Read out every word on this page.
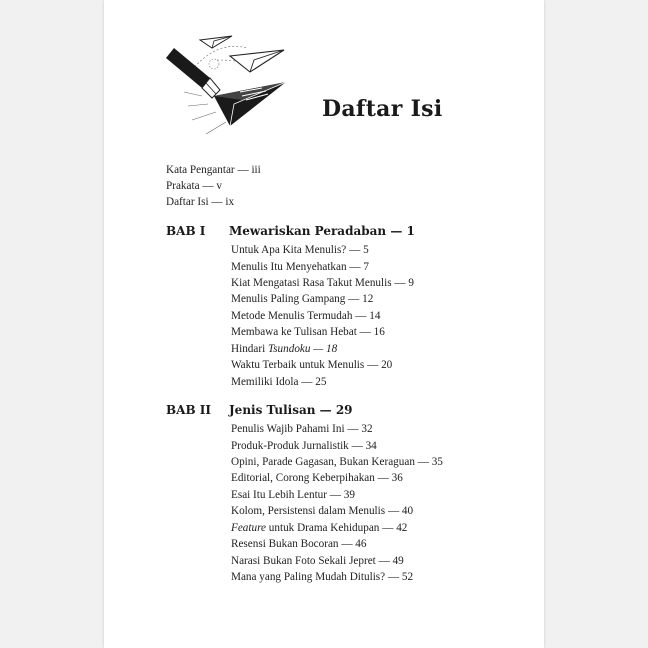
Daftar Isi
Kata Pengantar — iii
Prakata — v
Daftar Isi — ix
BAB I Mewariskan Peradaban — 1
Untuk Apa Kita Menulis? — 5
Menulis Itu Menyehatkan — 7
Kiat Mengatasi Rasa Takut Menulis — 9
Menulis Paling Gampang — 12
Metode Menulis Termudah — 14
Membawa ke Tulisan Hebat — 16
Hindari Tsundoku — 18
Waktu Terbaik untuk Menulis — 20
Memiliki Idola — 25
BAB II Jenis Tulisan — 29
Penulis Wajib Pahami Ini — 32
Produk-Produk Jurnalistik — 34
Opini, Parade Gagasan, Bukan Keraguan — 35
Editorial, Corong Keberpihakan — 36
Esai Itu Lebih Lentur — 39
Kolom, Persistensi dalam Menulis — 40
Feature untuk Drama Kehidupan — 42
Resensi Bukan Bocoran — 46
Narasi Bukan Foto Sekali Jepret — 49
Mana yang Paling Mudah Ditulis? — 52
